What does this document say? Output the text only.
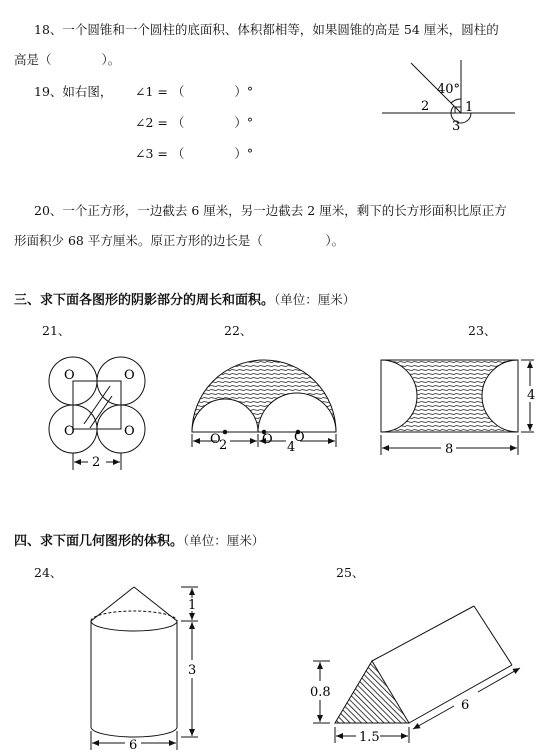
18、一个圆锥和一个圆柱的底面积、体积都相等，如果圆锥的高是 54 厘米，圆柱的
高是（　　　　）。
19、如右图， ∠1 = （　　　　）°
∠2 = （　　　　）°
∠3 = （　　　　）°
20、一个正方形，一边截去 6 厘米，另一边截去 2 厘米，剩下的长方形面积比原正方
形面积少 68 平方厘米。原正方形的边长是（　　　　　）。
三、求下面各图形的阴影部分的周长和面积。（单位：厘米）
21、	22、	23、
四、求下面几何图形的体积。（单位：厘米）
24、	25、
40°
2	1
3
O	O
O	O
2
O	O O
2	4
4
8
1
3
6
0.8
1.5
6
